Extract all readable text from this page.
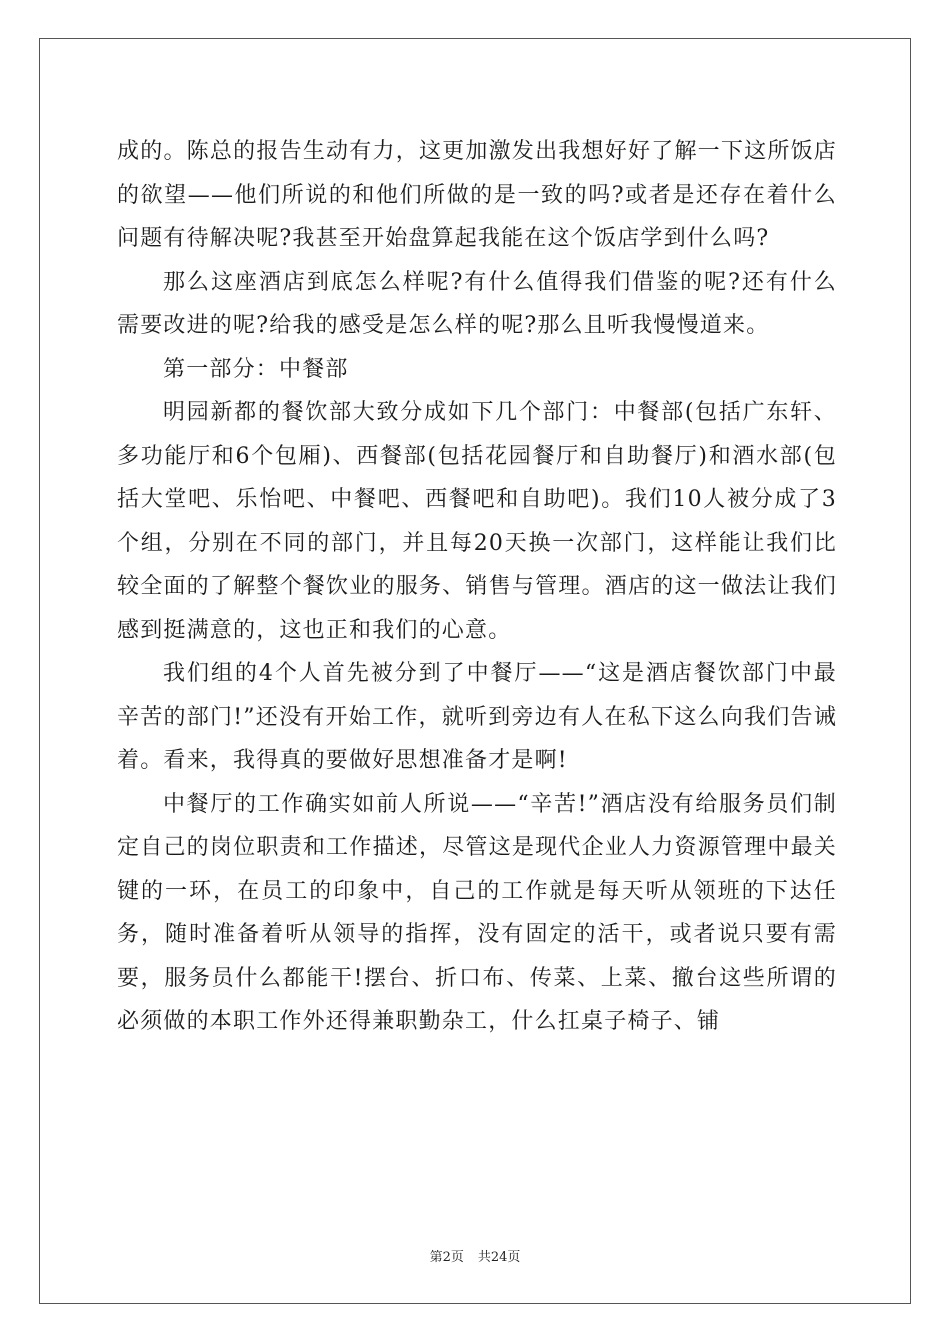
成的。陈总的报告生动有力，这更加激发出我想好好了解一下这所饭店的欲望——他们所说的和他们所做的是一致的吗?或者是还存在着什么问题有待解决呢?我甚至开始盘算起我能在这个饭店学到什么吗?

那么这座酒店到底怎么样呢?有什么值得我们借鉴的呢?还有什么需要改进的呢?给我的感受是怎么样的呢?那么且听我慢慢道来。

第一部分：中餐部

明园新都的餐饮部大致分成如下几个部门：中餐部(包括广东轩、多功能厅和6个包厢)、西餐部(包括花园餐厅和自助餐厅)和酒水部(包括大堂吧、乐怡吧、中餐吧、西餐吧和自助吧)。我们10人被分成了3个组，分别在不同的部门，并且每20天换一次部门，这样能让我们比较全面的了解整个餐饮业的服务、销售与管理。酒店的这一做法让我们感到挺满意的，这也正和我们的心意。

我们组的4个人首先被分到了中餐厅——“这是酒店餐饮部门中最辛苦的部门!”还没有开始工作，就听到旁边有人在私下这么向我们告诫着。看来，我得真的要做好思想准备才是啊!

中餐厅的工作确实如前人所说——“辛苦!”酒店没有给服务员们制定自己的岗位职责和工作描述，尽管这是现代企业人力资源管理中最关键的一环，在员工的印象中，自己的工作就是每天听从领班的下达任务，随时准备着听从领导的指挥，没有固定的活干，或者说只要有需要，服务员什么都能干!摆台、折口布、传菜、上菜、撤台这些所谓的必须做的本职工作外还得兼职勤杂工，什么扛桌子椅子、铺

第2页 共24页
